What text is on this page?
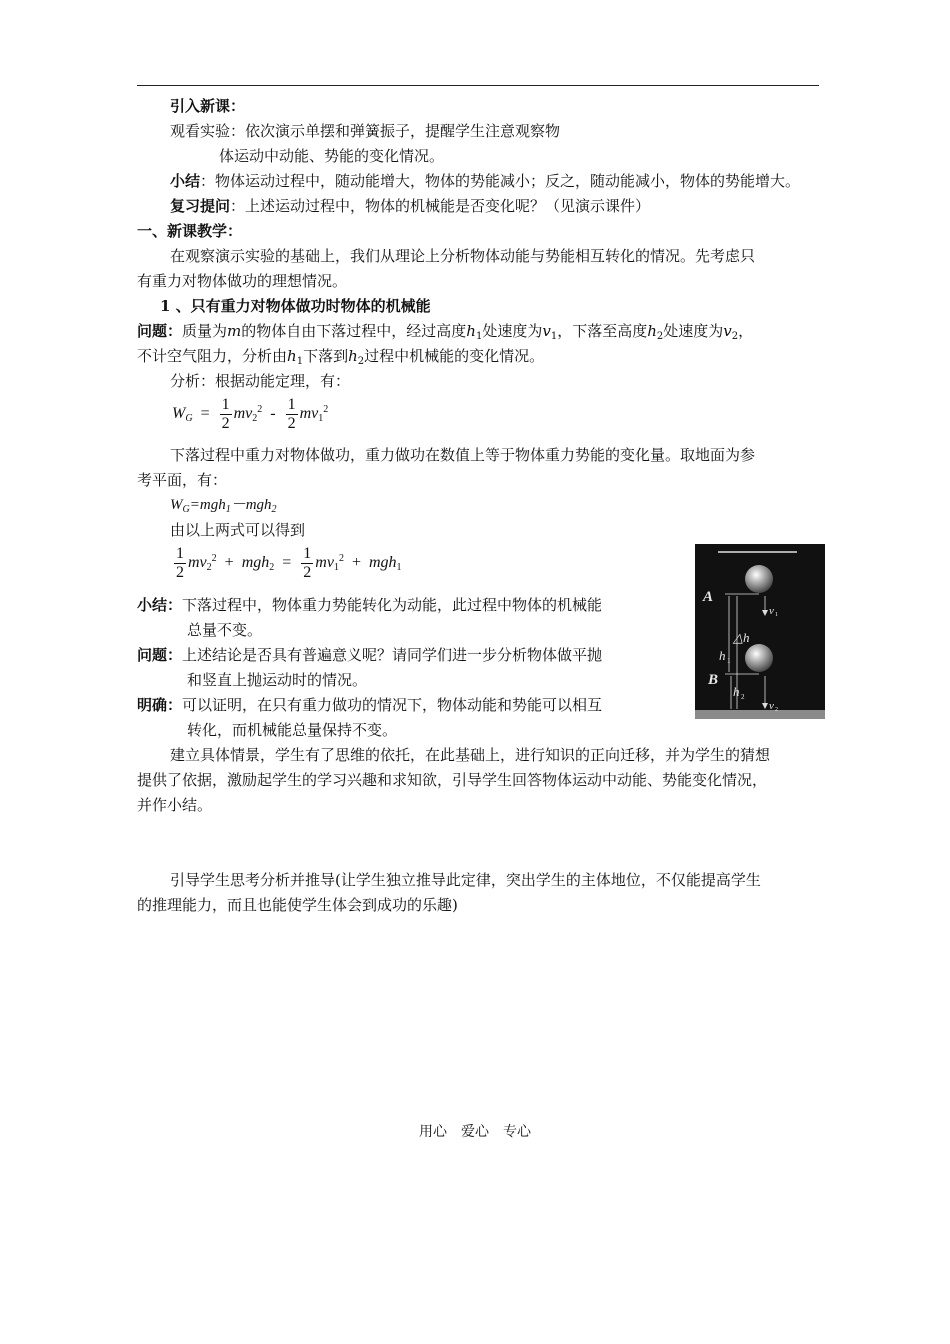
引入新课：
观看实验：依次演示单摆和弹簧振子，提醒学生注意观察物
体运动中动能、势能的变化情况。
小结：物体运动过程中，随动能增大，物体的势能减小；反之，随动能减小，物体的势能增大。
复习提问：上述运动过程中，物体的机械能是否变化呢？（见演示课件）
一、新课教学：
在观察演示实验的基础上，我们从理论上分析物体动能与势能相互转化的情况。先考虑只
有重力对物体做功的理想情况。
1 、只有重力对物体做功时物体的机械能
问题：质量为m的物体自由下落过程中，经过高度$h_1$处速度为$v_1$，下落至高度$h_2$处速度为$v_2$，
不计空气阻力，分析由$h_1$下落到$h_2$过程中机械能的变化情况。
分析：根据动能定理，有：
$W_G = \frac{1}{2} mv_2^2 - \frac{1}{2} mv_1^2$
下落过程中重力对物体做功，重力做功在数值上等于物体重力势能的变化量。取地面为参
考平面，有：
$W_G=mgh_1-mgh_2$
由以上两式可以得到
$\frac{1}{2} mv_2^2 + mgh_2 = \frac{1}{2} mv_1^2 + mgh_1$
小结：下落过程中，物体重力势能转化为动能，此过程中物体的机械能
总量不变。
问题：上述结论是否具有普遍意义呢？请同学们进一步分析物体做平抛
和竖直上抛运动时的情况。
明确：可以证明，在只有重力做功的情况下，物体动能和势能可以相互
转化，而机械能总量保持不变。
建立具体情景，学生有了思维的依托，在此基础上，进行知识的正向迁移，并为学生的猜想
提供了依据，激励起学生的学习兴趣和求知欲，引导学生回答物体运动中动能、势能变化情况，
并作小结。
引导学生思考分析并推导(让学生独立推导此定律，突出学生的主体地位，不仅能提高学生
的推理能力，而且也能使学生体会到成功的乐趣)
A
B
△h
h 1
h 2
v 1
v 2
用心　爱心　专心
